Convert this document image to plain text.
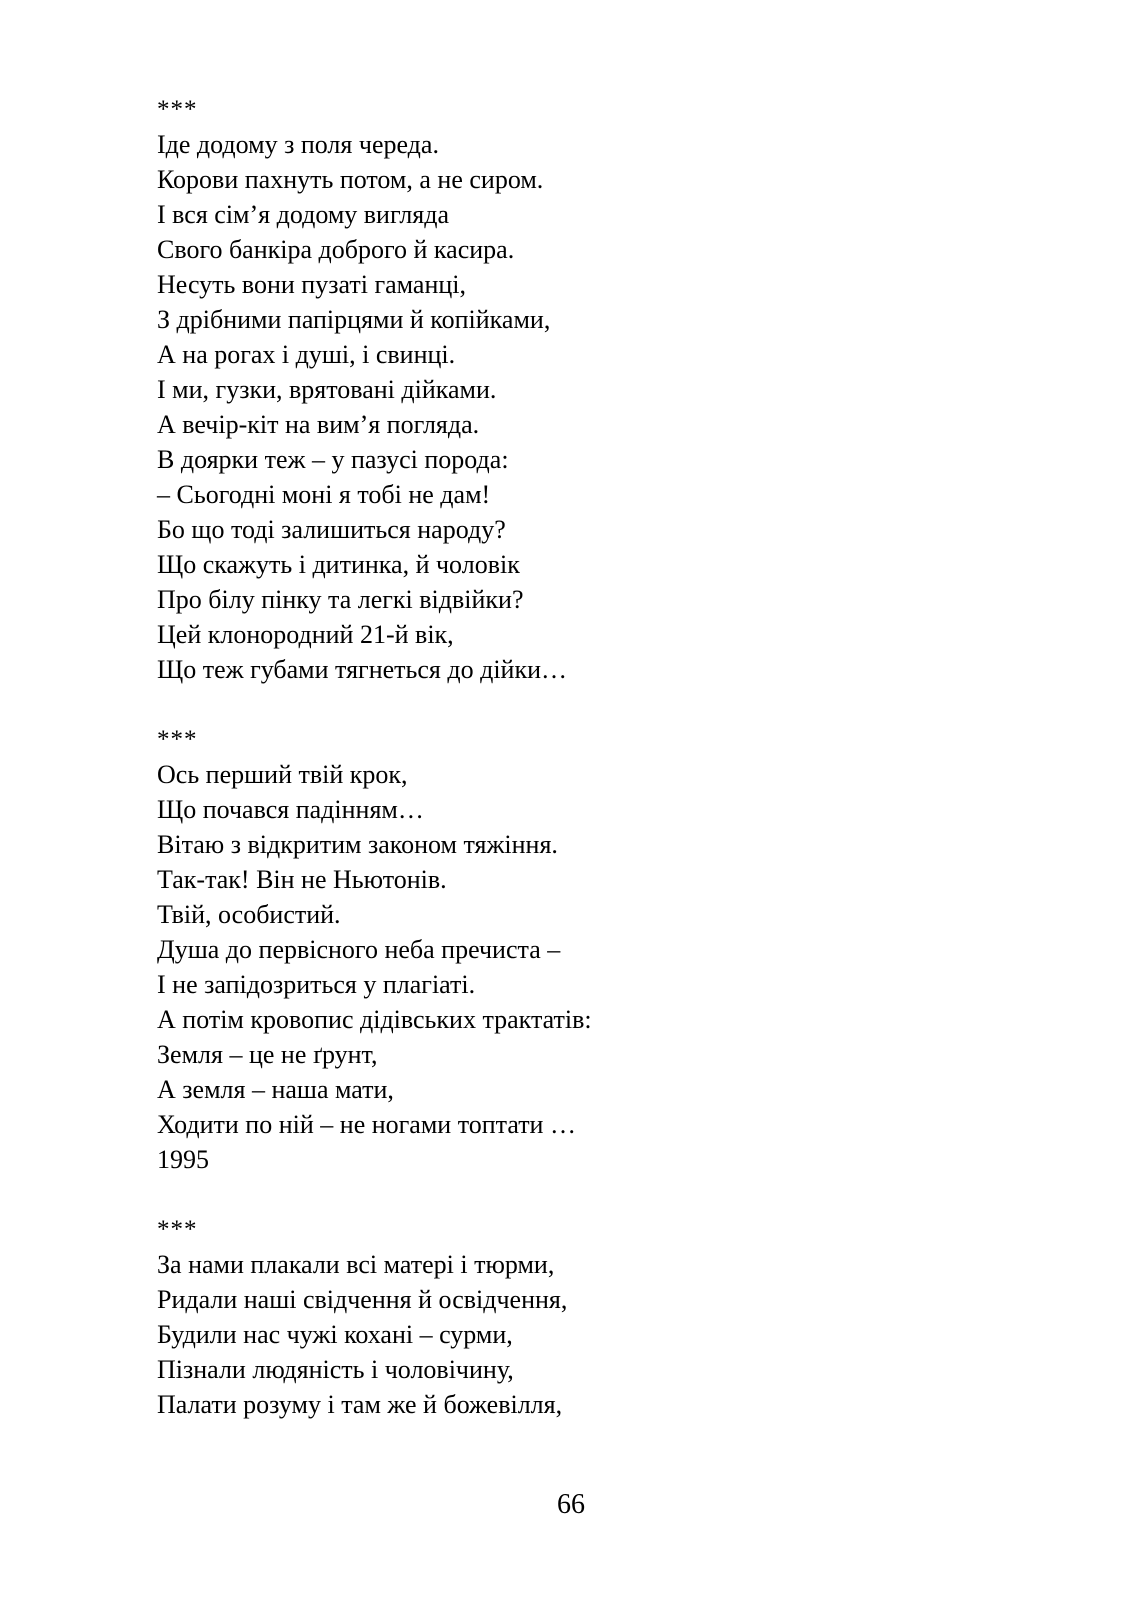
***
Іде додому з поля череда.
Корови пахнуть потом, а не сиром.
І вся сім’я додому вигляда
Свого банкіра доброго й касира.
Несуть вони пузаті гаманці,
З дрібними папірцями й копійками,
А на рогах і душі, і свинці.
І ми, гузки, врятовані дійками.
А вечір-кіт на вим’я погляда.
В доярки теж – у пазусі порода:
– Сьогодні моні я тобі не дам!
Бо що тоді залишиться народу?
Що скажуть і дитинка, й чоловік
Про білу пінку та легкі відвійки?
Цей клонородний 21-й вік,
Що теж губами тягнеться до дійки…
***
Ось перший твій крок,
Що почався падінням…
Вітаю з відкритим законом тяжіння.
Так-так! Він не Ньютонів.
Твій, особистий.
Душа до первісного неба пречиста –
І не запідозриться у плагіаті.
А потім кровопис дідівських трактатів:
Земля – це не ґрунт,
А земля – наша мати,
Ходити по ній – не ногами топтати …
1995
***
За нами плакали всі матері і тюрми,
Ридали наші свідчення й освідчення,
Будили нас чужі кохані – сурми,
Пізнали людяність і чоловічину,
Палати розуму і там же й божевілля,
66
